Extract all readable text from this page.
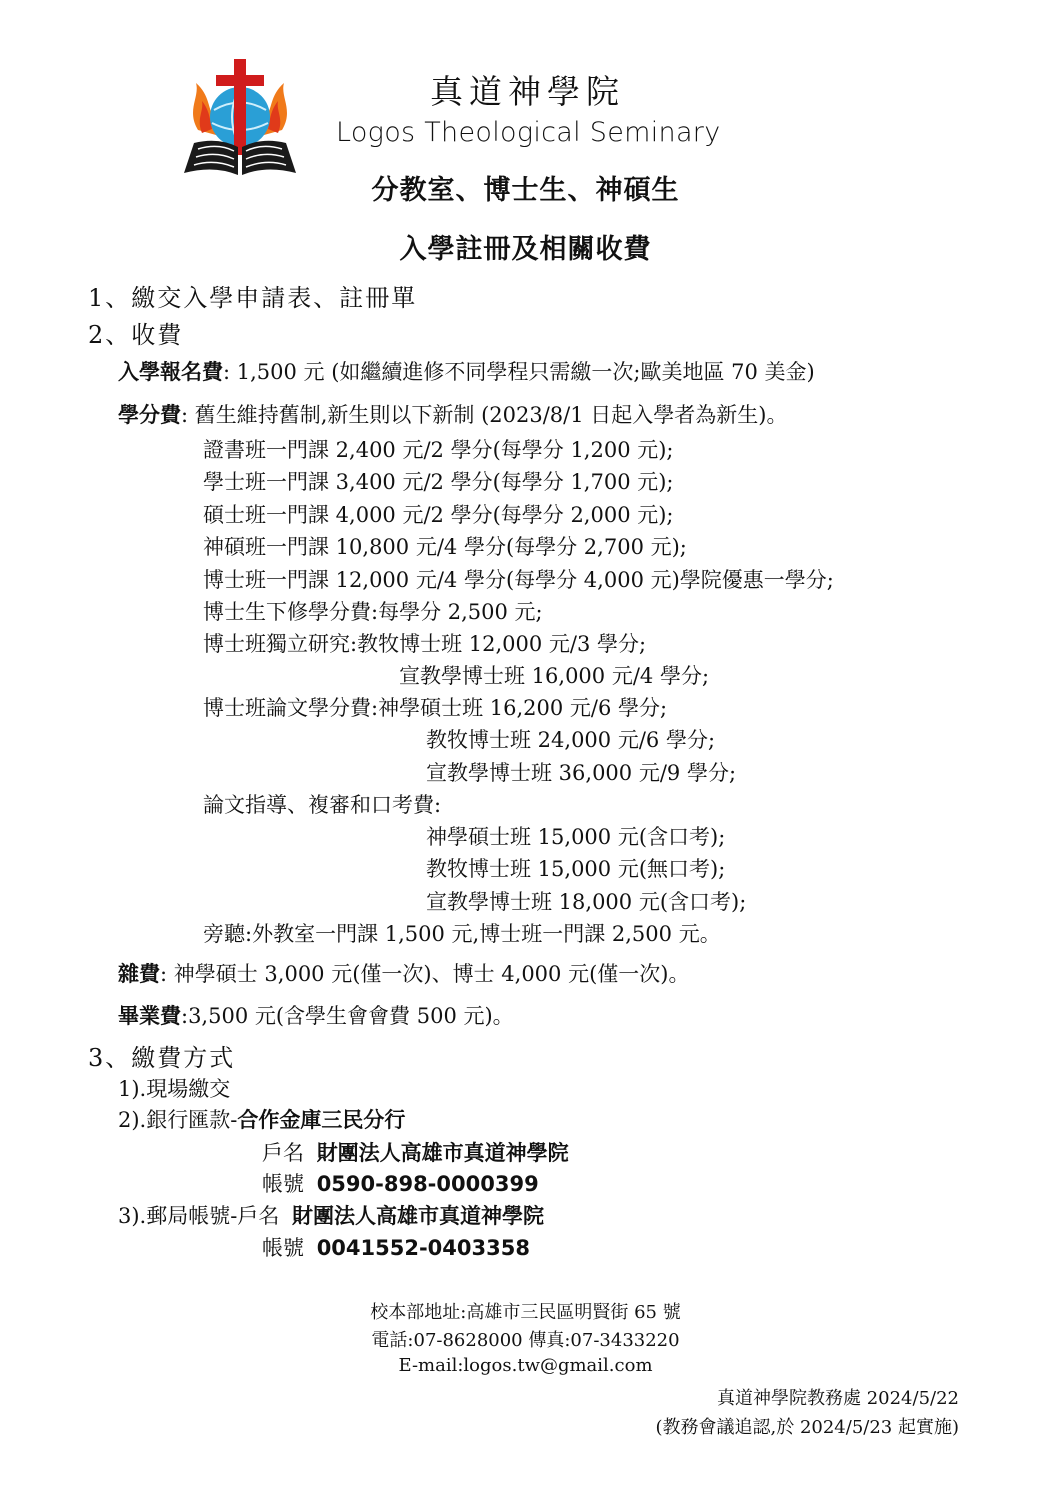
真道神學院
Logos Theological Seminary
分教室、博士生、神碩生
入學註冊及相關收費
1、繳交入學申請表、註冊單
2、收費
入學報名費: 1,500 元 (如繼續進修不同學程只需繳一次;歐美地區 70 美金)
學分費: 舊生維持舊制,新生則以下新制 (2023/8/1 日起入學者為新生)。
證書班一門課 2,400 元/2 學分(每學分 1,200 元);
學士班一門課 3,400 元/2 學分(每學分 1,700 元);
碩士班一門課 4,000 元/2 學分(每學分 2,000 元);
神碩班一門課 10,800 元/4 學分(每學分 2,700 元);
博士班一門課 12,000 元/4 學分(每學分 4,000 元)學院優惠一學分;
博士生下修學分費:每學分 2,500 元;
博士班獨立研究:教牧博士班 12,000 元/3 學分;
宣教學博士班 16,000 元/4 學分;
博士班論文學分費:神學碩士班 16,200 元/6 學分;
教牧博士班 24,000 元/6 學分;
宣教學博士班 36,000 元/9 學分;
論文指導、複審和口考費:
神學碩士班 15,000 元(含口考);
教牧博士班 15,000 元(無口考);
宣教學博士班 18,000 元(含口考);
旁聽:外教室一門課 1,500 元,博士班一門課 2,500 元。
雜費: 神學碩士 3,000 元(僅一次)、博士 4,000 元(僅一次)。
畢業費:3,500 元(含學生會會費 500 元)。
3、繳費方式
1).現場繳交
2).銀行匯款-合作金庫三民分行
戶名 財團法人高雄市真道神學院
帳號 0590-898-0000399
3).郵局帳號-戶名 財團法人高雄市真道神學院
帳號 0041552-0403358
校本部地址:高雄市三民區明賢街 65 號
電話:07-8628000 傳真:07-3433220
E-mail:logos.tw@gmail.com
真道神學院教務處 2024/5/22
(教務會議追認,於 2024/5/23 起實施)
